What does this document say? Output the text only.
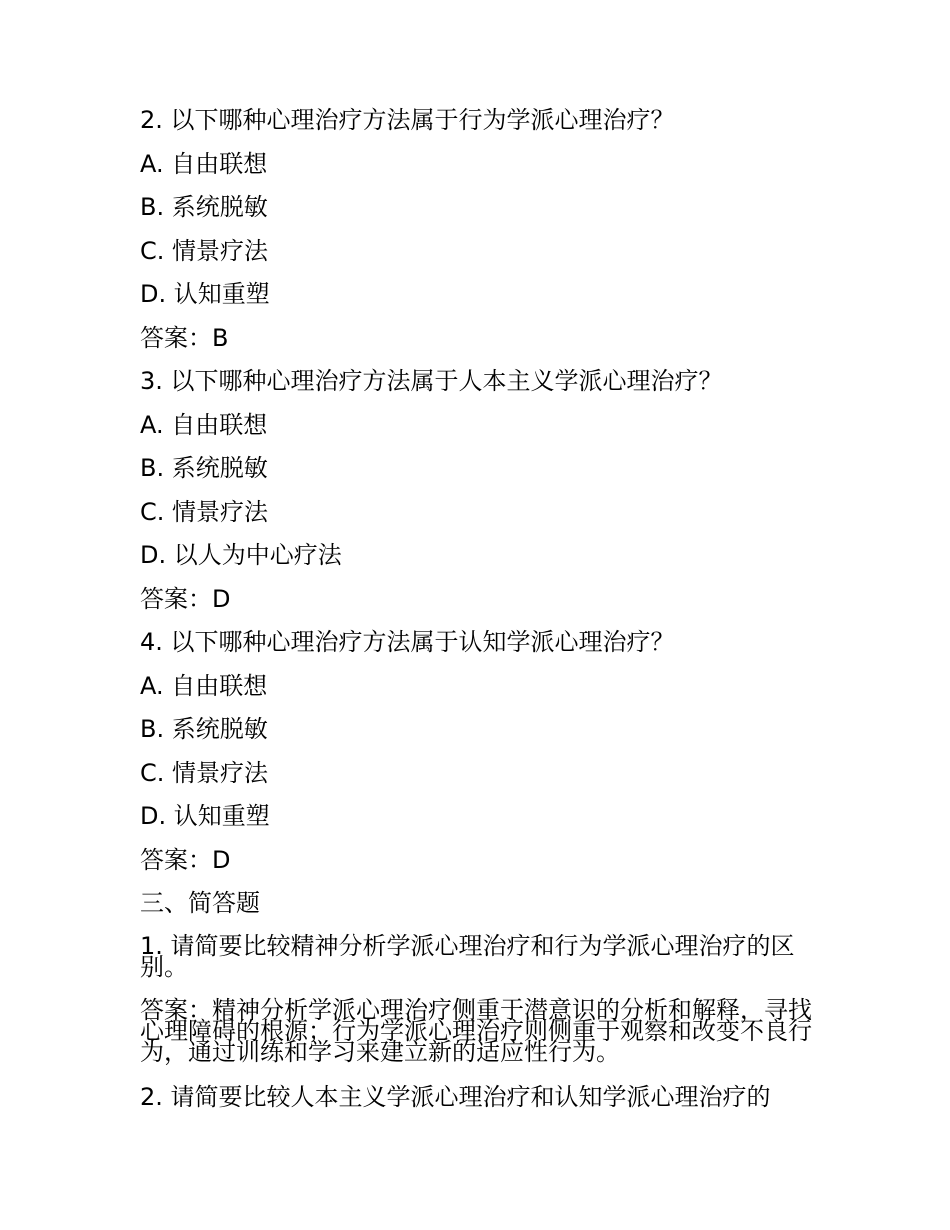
2. 以下哪种心理治疗方法属于行为学派心理治疗？

A. 自由联想

B. 系统脱敏

C. 情景疗法

D. 认知重塑

答案：B

3. 以下哪种心理治疗方法属于人本主义学派心理治疗？

A. 自由联想

B. 系统脱敏

C. 情景疗法

D. 以人为中心疗法

答案：D

4. 以下哪种心理治疗方法属于认知学派心理治疗？

A. 自由联想

B. 系统脱敏

C. 情景疗法

D. 认知重塑

答案：D

三、简答题

1. 请简要比较精神分析学派心理治疗和行为学派心理治疗的区别。

答案：精神分析学派心理治疗侧重于潜意识的分析和解释，寻找心理障碍的根源；行为学派心理治疗则侧重于观察和改变不良行为，通过训练和学习来建立新的适应性行为。

2. 请简要比较人本主义学派心理治疗和认知学派心理治疗的
